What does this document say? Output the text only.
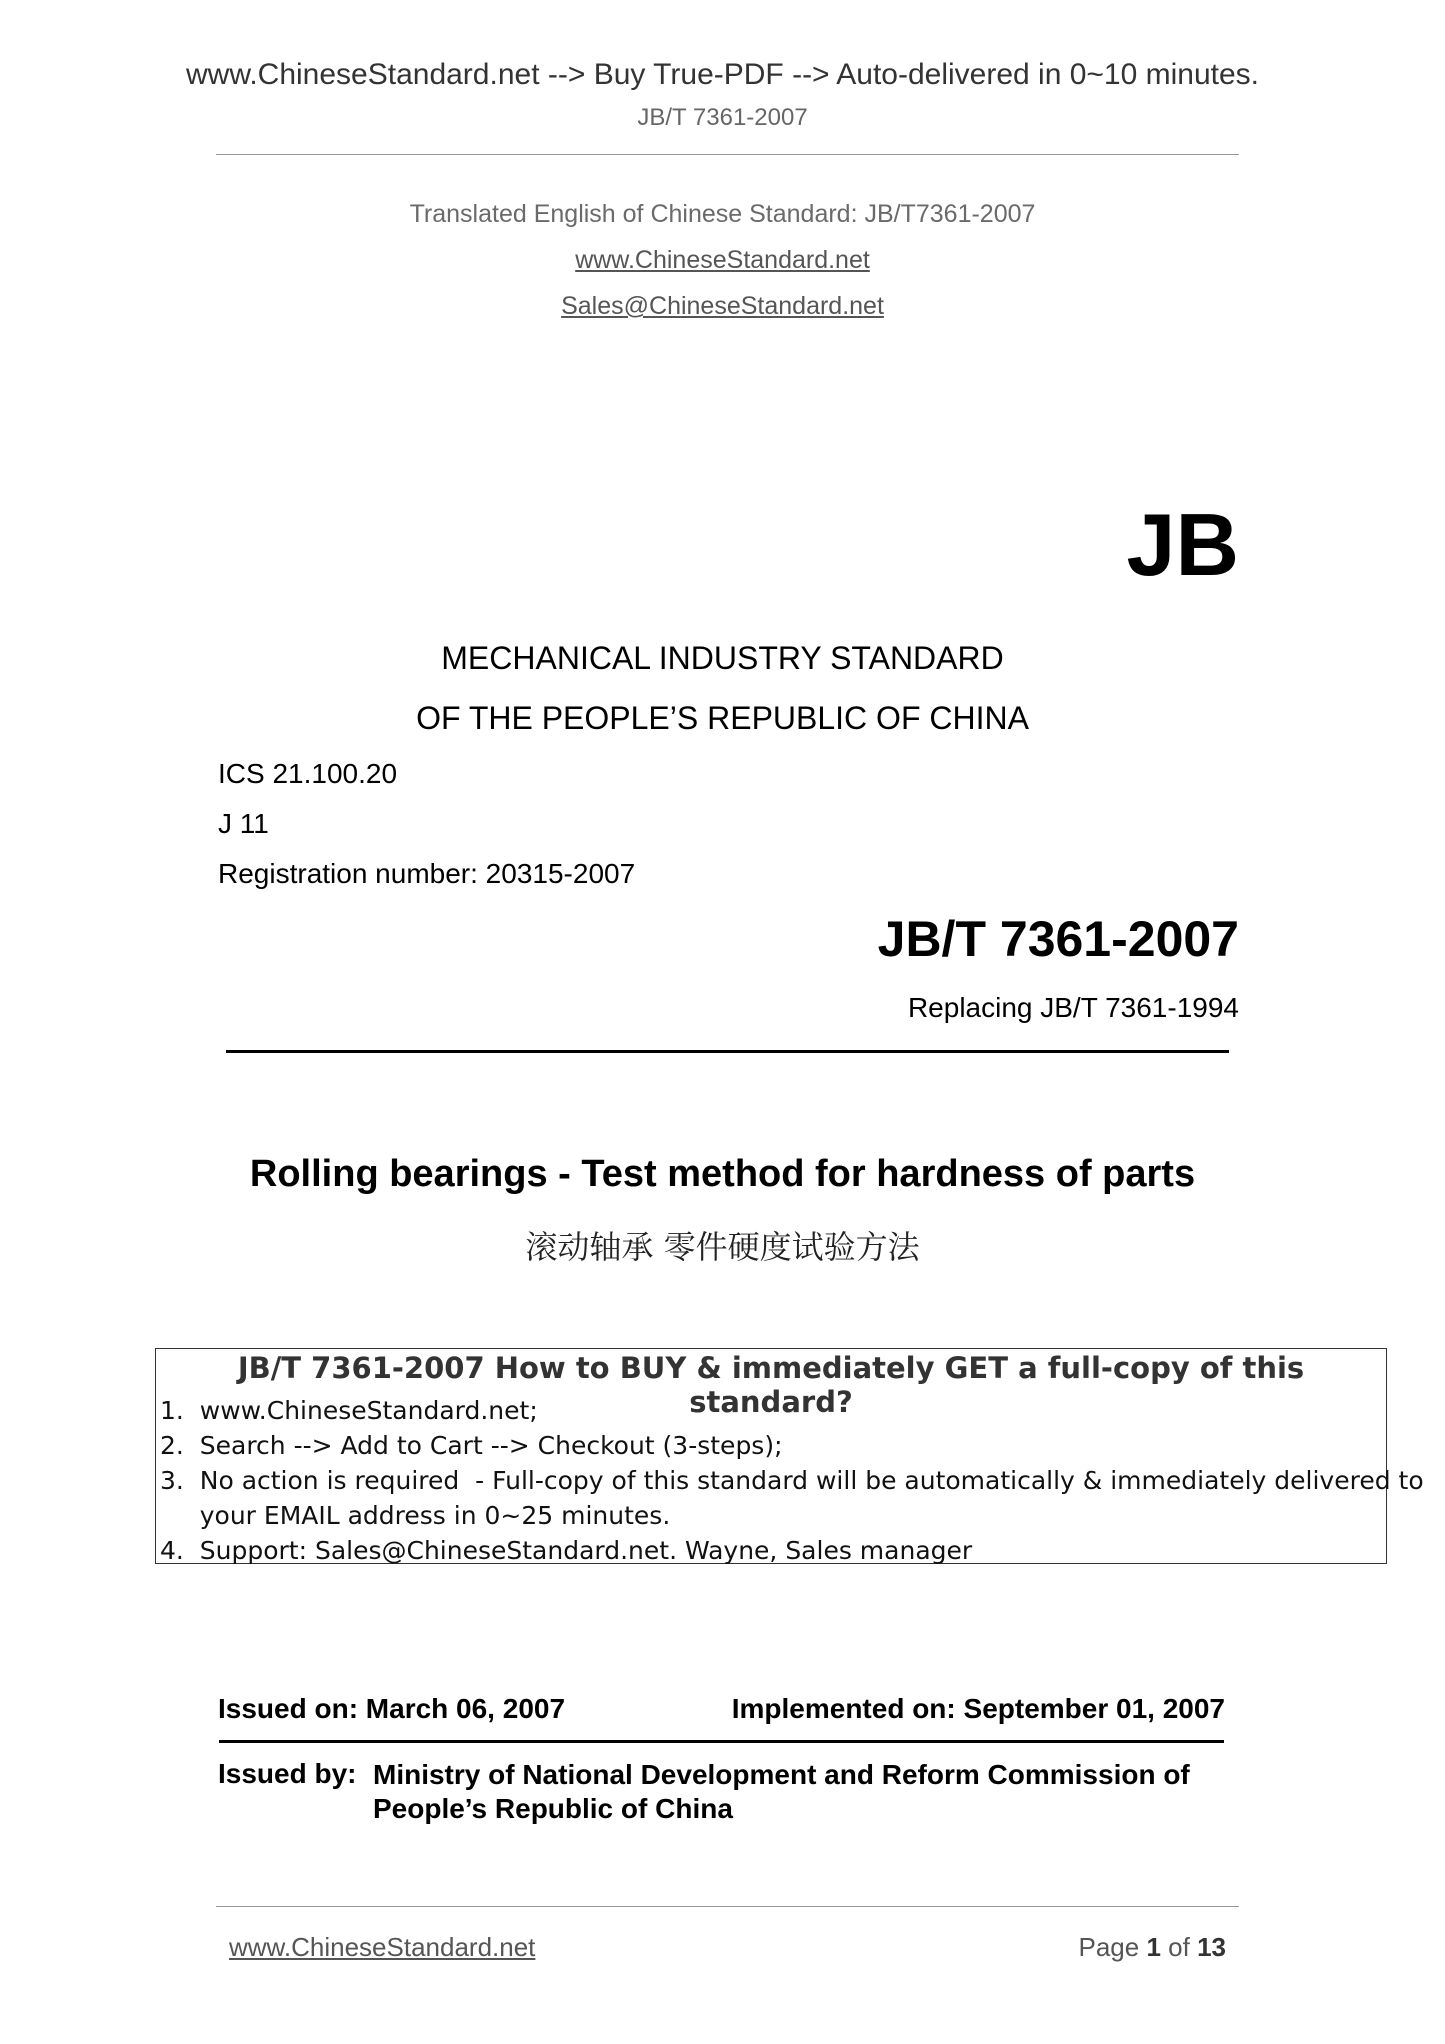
www.ChineseStandard.net --> Buy True-PDF --> Auto-delivered in 0~10 minutes.
JB/T 7361-2007
Translated English of Chinese Standard: JB/T7361-2007
www.ChineseStandard.net
Sales@ChineseStandard.net
JB
MECHANICAL INDUSTRY STANDARD
OF THE PEOPLE’S REPUBLIC OF CHINA
ICS 21.100.20
J 11
Registration number: 20315-2007
JB/T 7361-2007
Replacing JB/T 7361-1994
Rolling bearings - Test method for hardness of parts
滚动轴承 零件硬度试验方法
JB/T 7361-2007 How to BUY & immediately GET a full-copy of this standard?
1.  www.ChineseStandard.net;
2.  Search --> Add to Cart --> Checkout (3-steps);
3.  No action is required  - Full-copy of this standard will be automatically & immediately delivered to
your EMAIL address in 0~25 minutes.
4.  Support: Sales@ChineseStandard.net. Wayne, Sales manager
Issued on: March 06, 2007	Implemented on: September 01, 2007
Issued by: Ministry of National Development and Reform Commission of People’s Republic of China
www.ChineseStandard.net	Page 1 of 13
